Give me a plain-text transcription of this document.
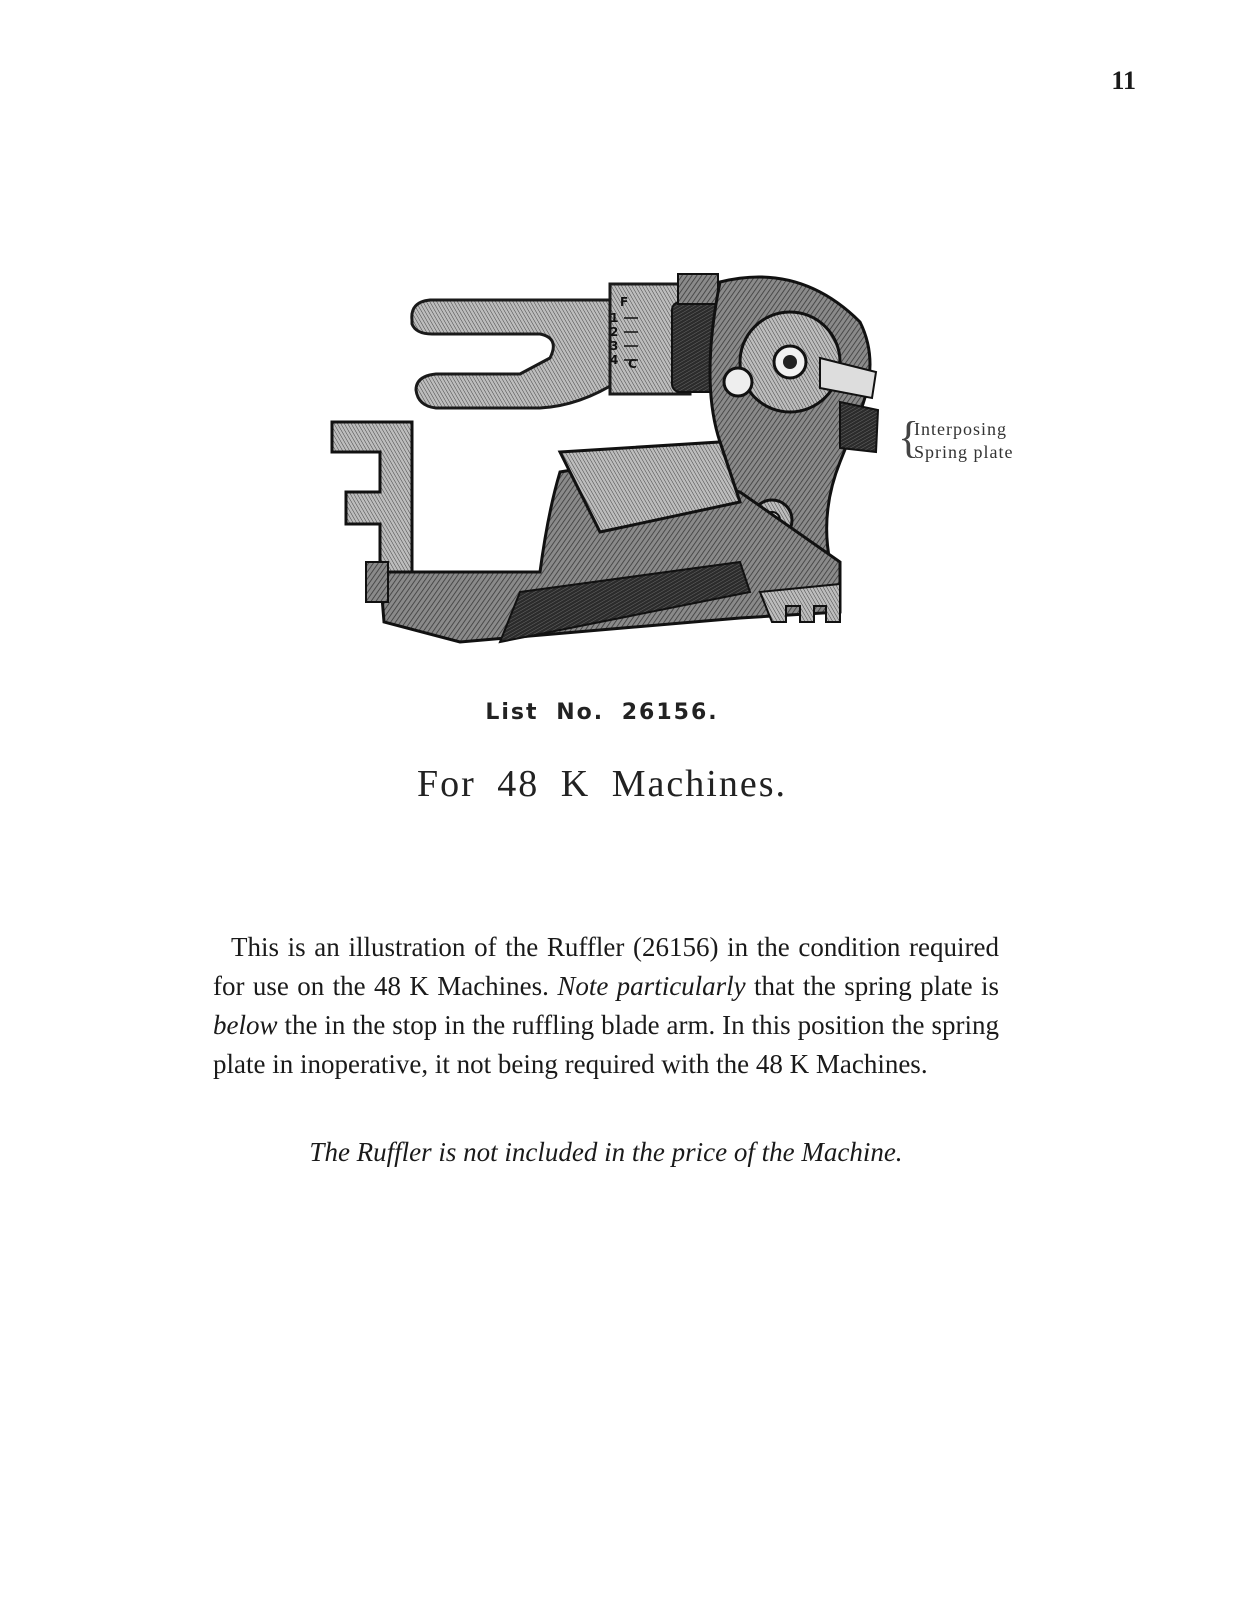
11
F
1
2
3
4 C
{
Interposing
Spring plate
List No. 26156.
For 48 K Machines.

This is an illustration of the Ruffler (26156) in the condition required for use on the 48 K Machines. Note particularly that the spring plate is below the in the stop in the ruffling blade arm. In this position the spring plate in inoperative, it not being required with the 48 K Machines.

The Ruffler is not included in the price of the Machine.
